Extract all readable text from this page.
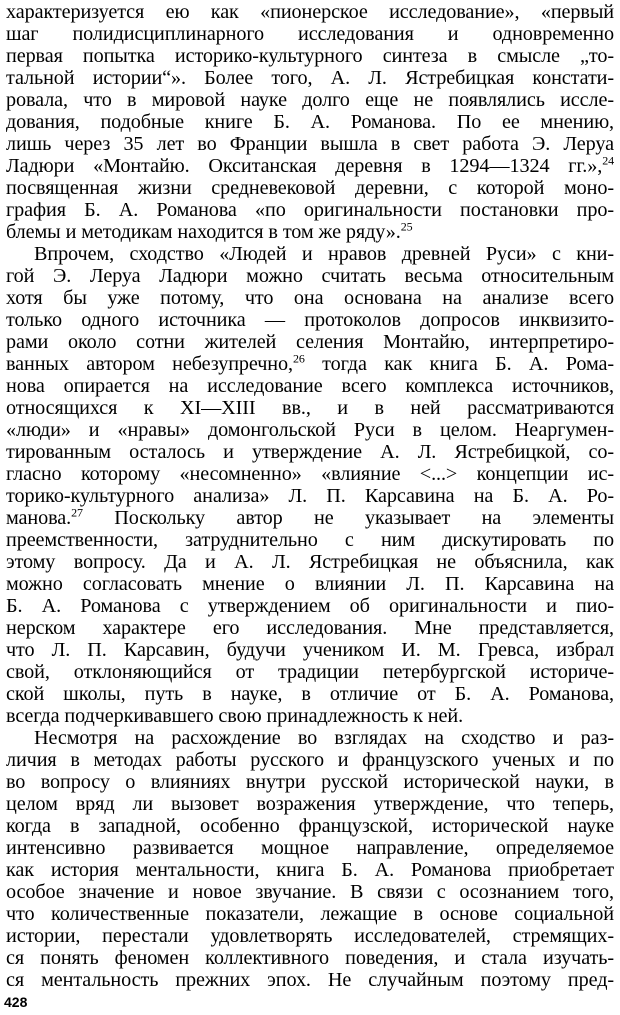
характеризуется ею как «пионерское исследование», «первый
шаг полидисциплинарного исследования и одновременно
первая попытка историко-культурного синтеза в смысле „то-
тальной истории“». Более того, А. Л. Ястребицкая констати-
ровала, что в мировой науке долго еще не появлялись иссле-
дования, подобные книге Б. А. Романова. По ее мнению,
лишь через 35 лет во Франции вышла в свет работа Э. Леруа
Ладюри «Монтайю. Окситанская деревня в 1294—1324 гг.»,$^{24}$
посвященная жизни средневековой деревни, с которой моно-
графия Б. А. Романова «по оригинальности постановки про-
блемы и методикам находится в том же ряду».$^{25}$
Впрочем, сходство «Людей и нравов древней Руси» с кни-
гой Э. Леруа Ладюри можно считать весьма относительным
хотя бы уже потому, что она основана на анализе всего
только одного источника — протоколов допросов инквизито-
рами около сотни жителей селения Монтайю, интерпретиро-
ванных автором небезупречно,$^{26}$ тогда как книга Б. А. Рома-
нова опирается на исследование всего комплекса источников,
относящихся к XI—XIII вв., и в ней рассматриваются
«люди» и «нравы» домонгольской Руси в целом. Неаргумен-
тированным осталось и утверждение А. Л. Ястребицкой, со-
гласно которому «несомненно» «влияние <...> концепции ис-
торико-культурного анализа» Л. П. Карсавина на Б. А. Ро-
манова.$^{27}$ Поскольку автор не указывает на элементы
преемственности, затруднительно с ним дискутировать по
этому вопросу. Да и А. Л. Ястребицкая не объяснила, как
можно согласовать мнение о влиянии Л. П. Карсавина на
Б. А. Романова с утверждением об оригинальности и пио-
нерском характере его исследования. Мне представляется,
что Л. П. Карсавин, будучи учеником И. М. Гревса, избрал
свой, отклоняющийся от традиции петербургской историче-
ской школы, путь в науке, в отличие от Б. А. Романова,
всегда подчеркивавшего свою принадлежность к ней.
Несмотря на расхождение во взглядах на сходство и раз-
личия в методах работы русского и французского ученых и по
во вопросу о влияниях внутри русской исторической науки, в
целом вряд ли вызовет возражения утверждение, что теперь,
когда в западной, особенно французской, исторической науке
интенсивно развивается мощное направление, определяемое
как история ментальности, книга Б. А. Романова приобретает
особое значение и новое звучание. В связи с осознанием того,
что количественные показатели, лежащие в основе социальной
истории, перестали удовлетворять исследователей, стремящих-
ся понять феномен коллективного поведения, и стала изучать-
ся ментальность прежних эпох. Не случайным поэтому пред-
428
